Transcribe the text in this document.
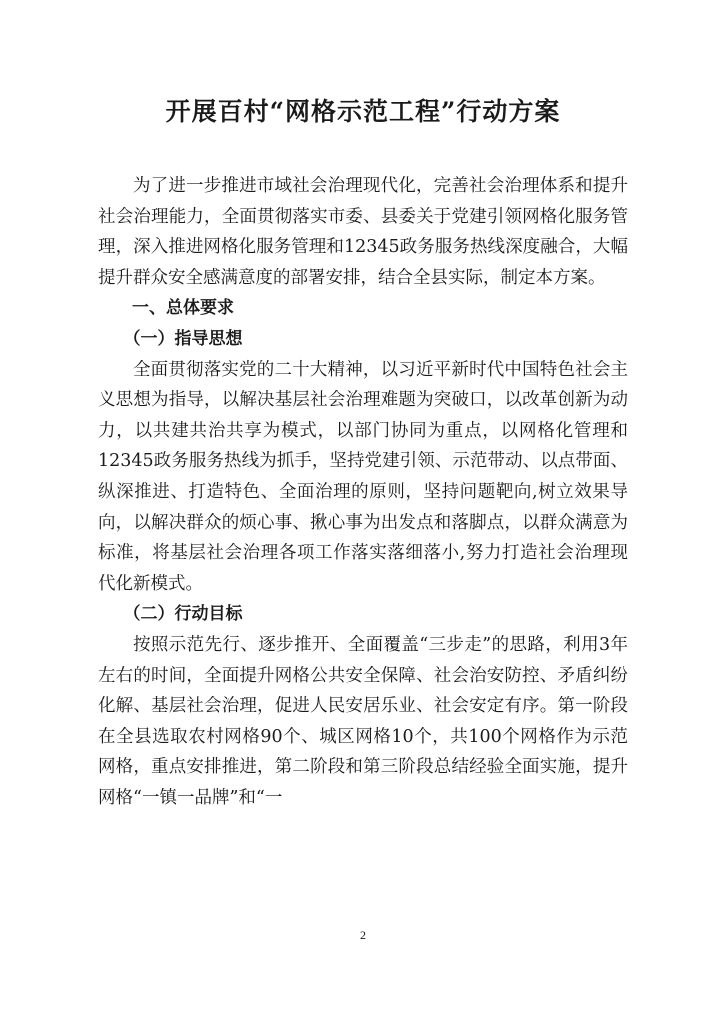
开展百村“网格示范工程”行动方案

为了进一步推进市域社会治理现代化，完善社会治理体系和提升社会治理能力，全面贯彻落实市委、县委关于党建引领网格化服务管理，深入推进网格化服务管理和12345政务服务热线深度融合，大幅提升群众安全感满意度的部署安排，结合全县实际，制定本方案。

一、总体要求

（一）指导思想

全面贯彻落实党的二十大精神，以习近平新时代中国特色社会主义思想为指导，以解决基层社会治理难题为突破口，以改革创新为动力，以共建共治共享为模式，以部门协同为重点，以网格化管理和12345政务服务热线为抓手，坚持党建引领、示范带动、以点带面、纵深推进、打造特色、全面治理的原则，坚持问题靶向,树立效果导向，以解决群众的烦心事、揪心事为出发点和落脚点，以群众满意为标准，将基层社会治理各项工作落实落细落小,努力打造社会治理现代化新模式。

（二）行动目标

按照示范先行、逐步推开、全面覆盖“三步走”的思路，利用3年左右的时间，全面提升网格公共安全保障、社会治安防控、矛盾纠纷化解、基层社会治理，促进人民安居乐业、社会安定有序。第一阶段在全县选取农村网格90个、城区网格10个，共100个网格作为示范网格，重点安排推进，第二阶段和第三阶段总结经验全面实施，提升网格“一镇一品牌”和“一

2
